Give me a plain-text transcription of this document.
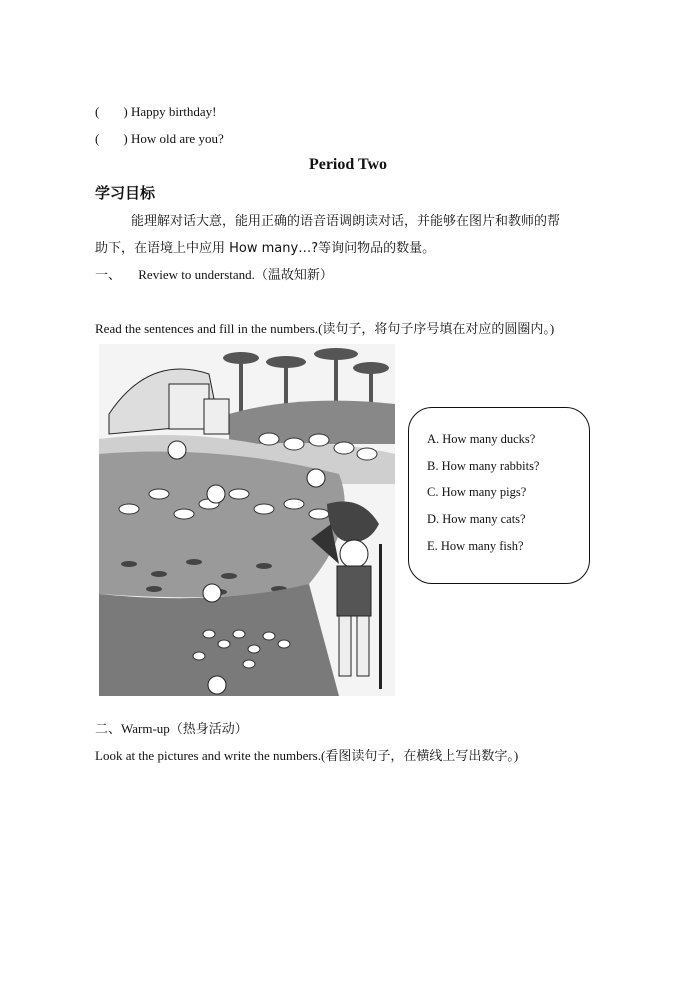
( ) Happy birthday!
( ) How old are you?
Period Two
学习目标
能理解对话大意，能用正确的语音语调朗读对话，并能够在图片和教师的帮
助下，在语境上中应用 How many…?等询问物品的数量。
一、 Review to understand.（温故知新）
Read the sentences and fill in the numbers.(读句子，将句子序号填在对应的圆圈内。)
A. How many ducks?
B. How many rabbits?
C. How many pigs?
D. How many cats?
E. How many fish?
二、Warm-up（热身活动）
Look at the pictures and write the numbers.(看图读句子，在横线上写出数字。)
